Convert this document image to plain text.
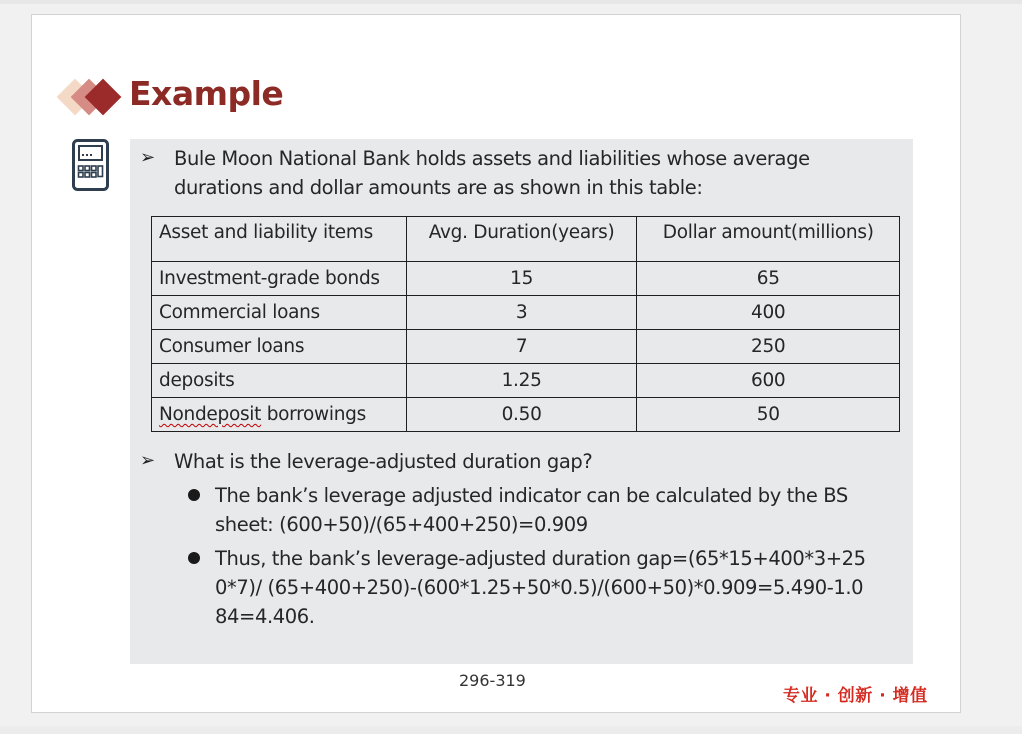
Example
➢ Bule Moon National Bank holds assets and liabilities whose average durations and dollar amounts are as shown in this table:
Asset and liability items	Avg. Duration(years)	Dollar amount(millions)
Investment-grade bonds	15	65
Commercial loans	3	400
Consumer loans	7	250
deposits	1.25	600
Nondeposit borrowings	0.50	50
➢ What is the leverage-adjusted duration gap?
The bank’s leverage adjusted indicator can be calculated by the BS sheet: (600+50)/(65+400+250)=0.909
Thus, the bank’s leverage-adjusted duration gap=(65*15+400*3+250*7)/ (65+400+250)-(600*1.25+50*0.5)/(600+50)*0.909=5.490-1.084=4.406.
296-319
专业 · 创新 · 增值
